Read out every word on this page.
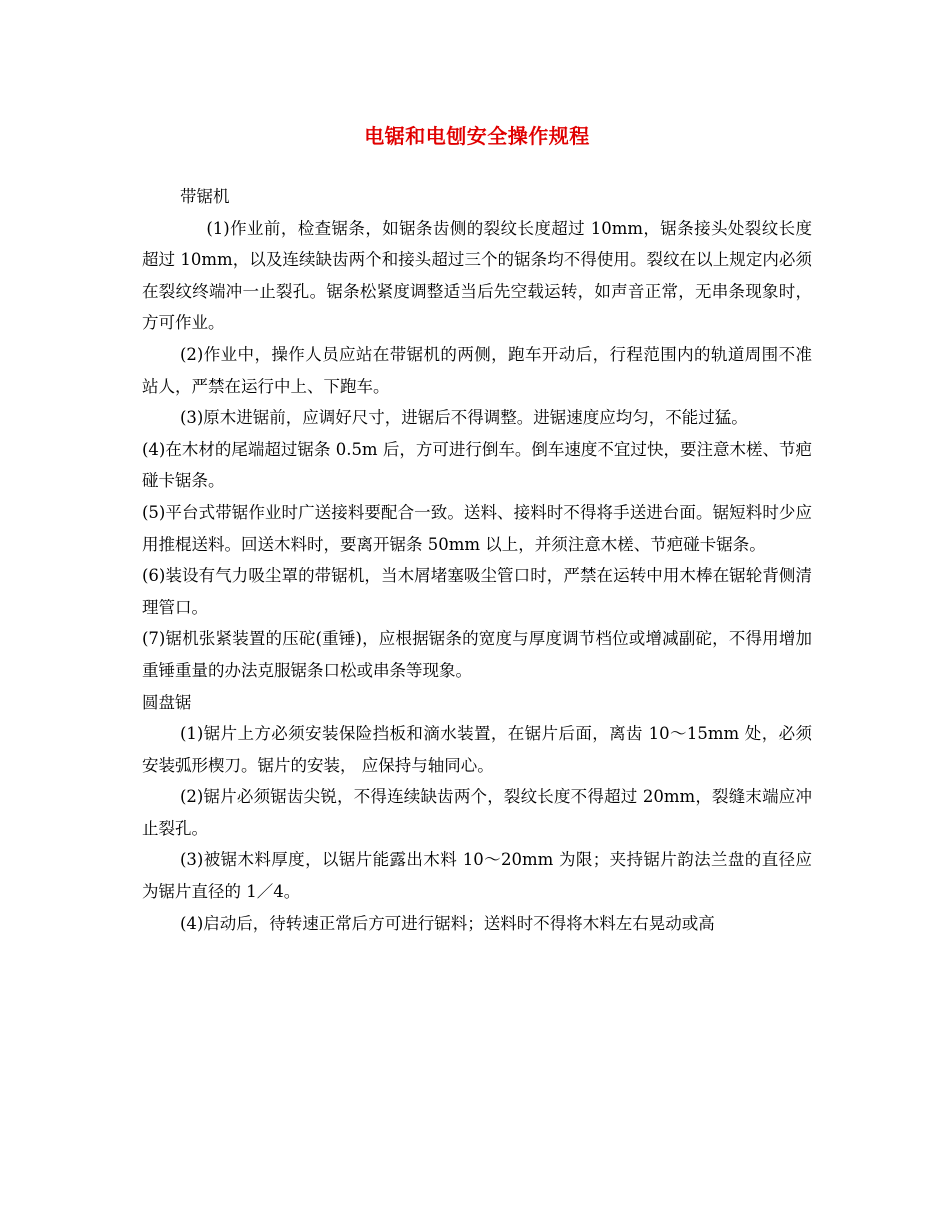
电锯和电刨安全操作规程

带锯机

(1)作业前，检查锯条，如锯条齿侧的裂纹长度超过 10mm，锯条接头处裂纹长度超过 10mm，以及连续缺齿两个和接头超过三个的锯条均不得使用。裂纹在以上规定内必须在裂纹终端冲一止裂孔。锯条松紧度调整适当后先空载运转，如声音正常，无串条现象时，方可作业。

(2)作业中，操作人员应站在带锯机的两侧，跑车开动后，行程范围内的轨道周围不准站人，严禁在运行中上、下跑车。

(3)原木进锯前，应调好尺寸，进锯后不得调整。进锯速度应均匀，不能过猛。

(4)在木材的尾端超过锯条 0.5m 后，方可进行倒车。倒车速度不宜过快，要注意木槎、节疤碰卡锯条。

(5)平台式带锯作业时广送接料要配合一致。送料、接料时不得将手送进台面。锯短料时少应用推棍送料。回送木料时，要离开锯条 50mm 以上，并须注意木槎、节疤碰卡锯条。

(6)装设有气力吸尘罩的带锯机，当木屑堵塞吸尘管口时，严禁在运转中用木棒在锯轮背侧清理管口。

(7)锯机张紧装置的压砣(重锤)，应根据锯条的宽度与厚度调节档位或增减副砣，不得用增加重锤重量的办法克服锯条口松或串条等现象。

圆盘锯

(1)锯片上方必须安装保险挡板和滴水装置，在锯片后面，离齿 10～15mm 处，必须安装弧形楔刀。锯片的安装， 应保持与轴同心。

(2)锯片必须锯齿尖锐，不得连续缺齿两个，裂纹长度不得超过 20mm，裂缝末端应冲止裂孔。

(3)被锯木料厚度，以锯片能露出木料 10～20mm 为限；夹持锯片韵法兰盘的直径应为锯片直径的 1／4。

(4)启动后，待转速正常后方可进行锯料；送料时不得将木料左右晃动或高
